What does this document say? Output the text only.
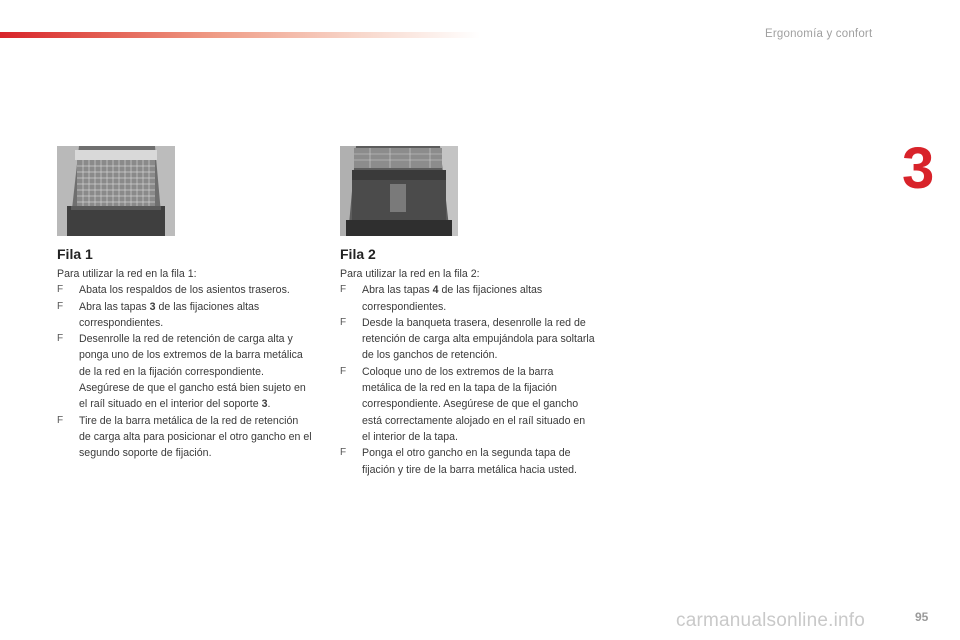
Ergonomía y confort
3
Fila 1	Fila 2

Para utilizar la red en la fila 1:

F Abata los respaldos de los asientos traseros.

F Abra las tapas 3 de las fijaciones altas correspondientes.

F Desenrolle la red de retención de carga alta y ponga uno de los extremos de la barra metálica de la red en la fijación correspondiente. Asegúrese de que el gancho está bien sujeto en el raíl situado en el interior del soporte 3.

F Tire de la barra metálica de la red de retención de carga alta para posicionar el otro gancho en el segundo soporte de fijación.

Para utilizar la red en la fila 2:

F Abra las tapas 4 de las fijaciones altas correspondientes.

F Desde la banqueta trasera, desenrolle la red de retención de carga alta empujándola para soltarla de los ganchos de retención.

F Coloque uno de los extremos de la barra metálica de la red en la tapa de la fijación correspondiente. Asegúrese de que el gancho está correctamente alojado en el raíl situado en el interior de la tapa.

F Ponga el otro gancho en la segunda tapa de fijación y tire de la barra metálica hacia usted.

carmanualsonline.info	95
